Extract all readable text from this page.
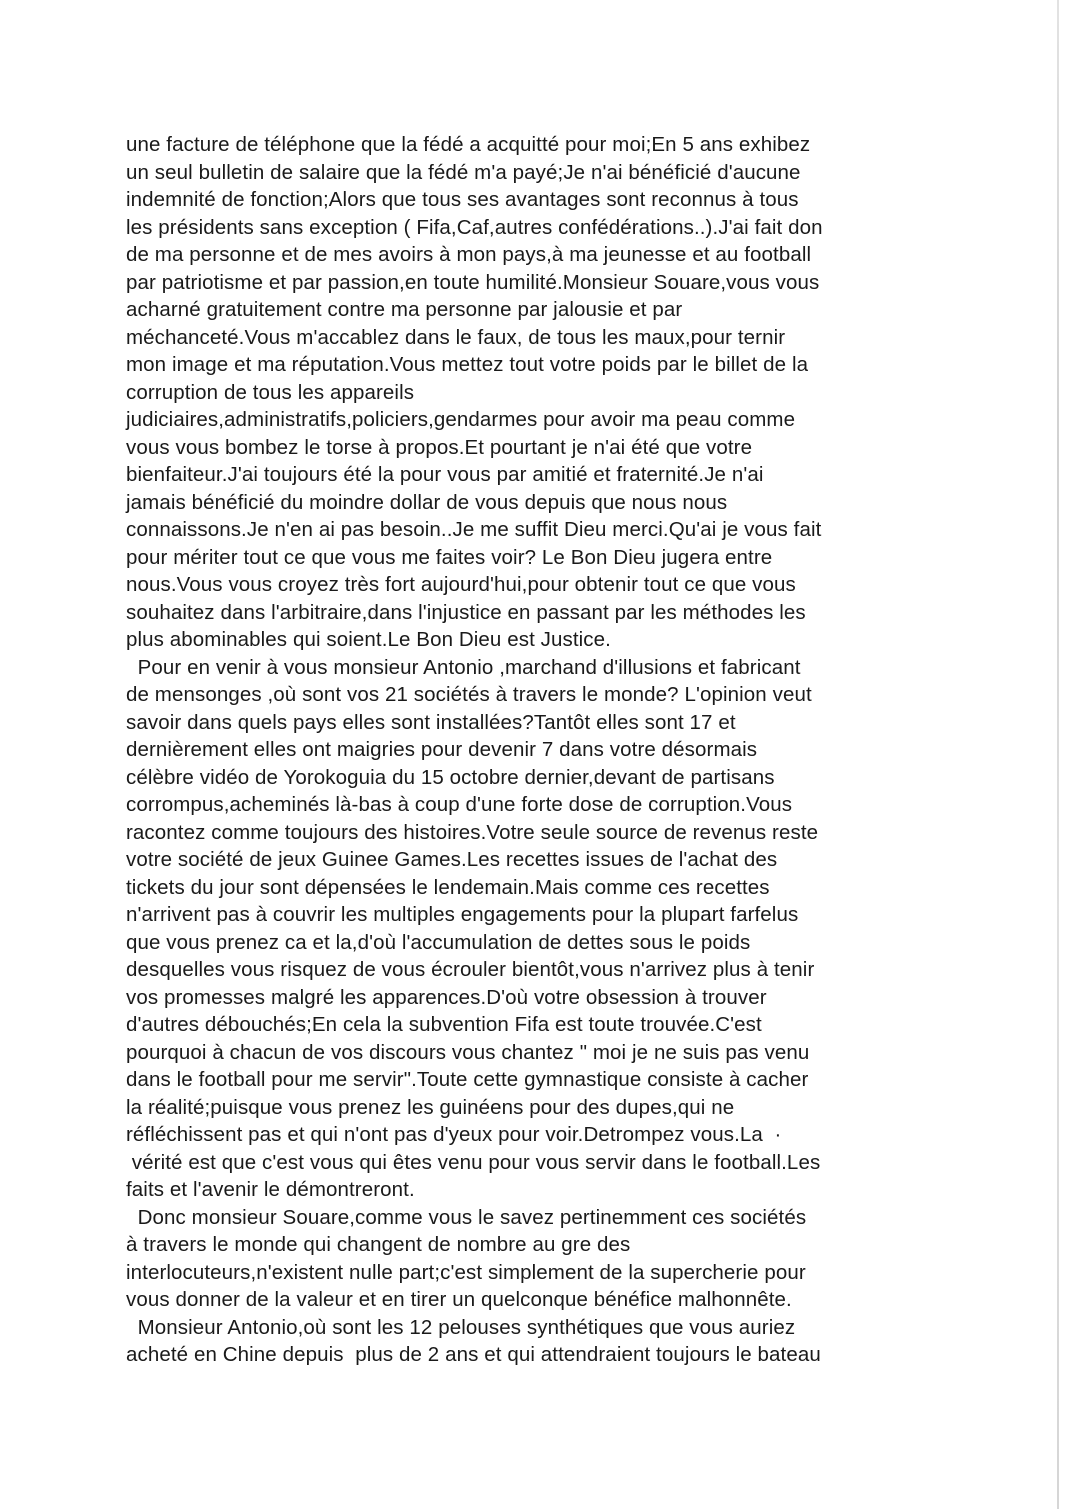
une facture de téléphone que la fédé a acquitté pour moi;En 5 ans exhibez
un seul bulletin de salaire que la fédé m'a payé;Je n'ai bénéficié d'aucune
indemnité de fonction;Alors que tous ses avantages sont reconnus à tous
les présidents sans exception ( Fifa,Caf,autres confédérations..).J'ai fait don
de ma personne et de mes avoirs à mon pays,à ma jeunesse et au football
par patriotisme et par passion,en toute humilité.Monsieur Souare,vous vous
acharné gratuitement contre ma personne par jalousie et par
méchanceté.Vous m'accablez dans le faux, de tous les maux,pour ternir
mon image et ma réputation.Vous mettez tout votre poids par le billet de la
corruption de tous les appareils
judiciaires,administratifs,policiers,gendarmes pour avoir ma peau comme
vous vous bombez le torse à propos.Et pourtant je n'ai été que votre
bienfaiteur.J'ai toujours été la pour vous par amitié et fraternité.Je n'ai
jamais bénéficié du moindre dollar de vous depuis que nous nous
connaissons.Je n'en ai pas besoin..Je me suffit Dieu merci.Qu'ai je vous fait
pour mériter tout ce que vous me faites voir? Le Bon Dieu jugera entre
nous.Vous vous croyez très fort aujourd'hui,pour obtenir tout ce que vous
souhaitez dans l'arbitraire,dans l'injustice en passant par les méthodes les
plus abominables qui soient.Le Bon Dieu est Justice.
Pour en venir à vous monsieur Antonio ,marchand d'illusions et fabricant
de mensonges ,où sont vos 21 sociétés à travers le monde? L'opinion veut
savoir dans quels pays elles sont installées?Tantôt elles sont 17 et
dernièrement elles ont maigries pour devenir 7 dans votre désormais
célèbre vidéo de Yorokoguia du 15 octobre dernier,devant de partisans
corrompus,acheminés là-bas à coup d'une forte dose de corruption.Vous
racontez comme toujours des histoires.Votre seule source de revenus reste
votre société de jeux Guinee Games.Les recettes issues de l'achat des
tickets du jour sont dépensées le lendemain.Mais comme ces recettes
n'arrivent pas à couvrir les multiples engagements pour la plupart farfelus
que vous prenez ca et la,d'où l'accumulation de dettes sous le poids
desquelles vous risquez de vous écrouler bientôt,vous n'arrivez plus à tenir
vos promesses malgré les apparences.D'où votre obsession à trouver
d'autres débouchés;En cela la subvention Fifa est toute trouvée.C'est
pourquoi à chacun de vos discours vous chantez " moi je ne suis pas venu
dans le football pour me servir".Toute cette gymnastique consiste à cacher
la réalité;puisque vous prenez les guinéens pour des dupes,qui ne
réfléchissent pas et qui n'ont pas d'yeux pour voir.Detrompez vous.La  ·
vérité est que c'est vous qui êtes venu pour vous servir dans le football.Les
faits et l'avenir le démontreront.
Donc monsieur Souare,comme vous le savez pertinemment ces sociétés
à travers le monde qui changent de nombre au gre des
interlocuteurs,n'existent nulle part;c'est simplement de la supercherie pour
vous donner de la valeur et en tirer un quelconque bénéfice malhonnête.
Monsieur Antonio,où sont les 12 pelouses synthétiques que vous auriez
acheté en Chine depuis  plus de 2 ans et qui attendraient toujours le bateau
